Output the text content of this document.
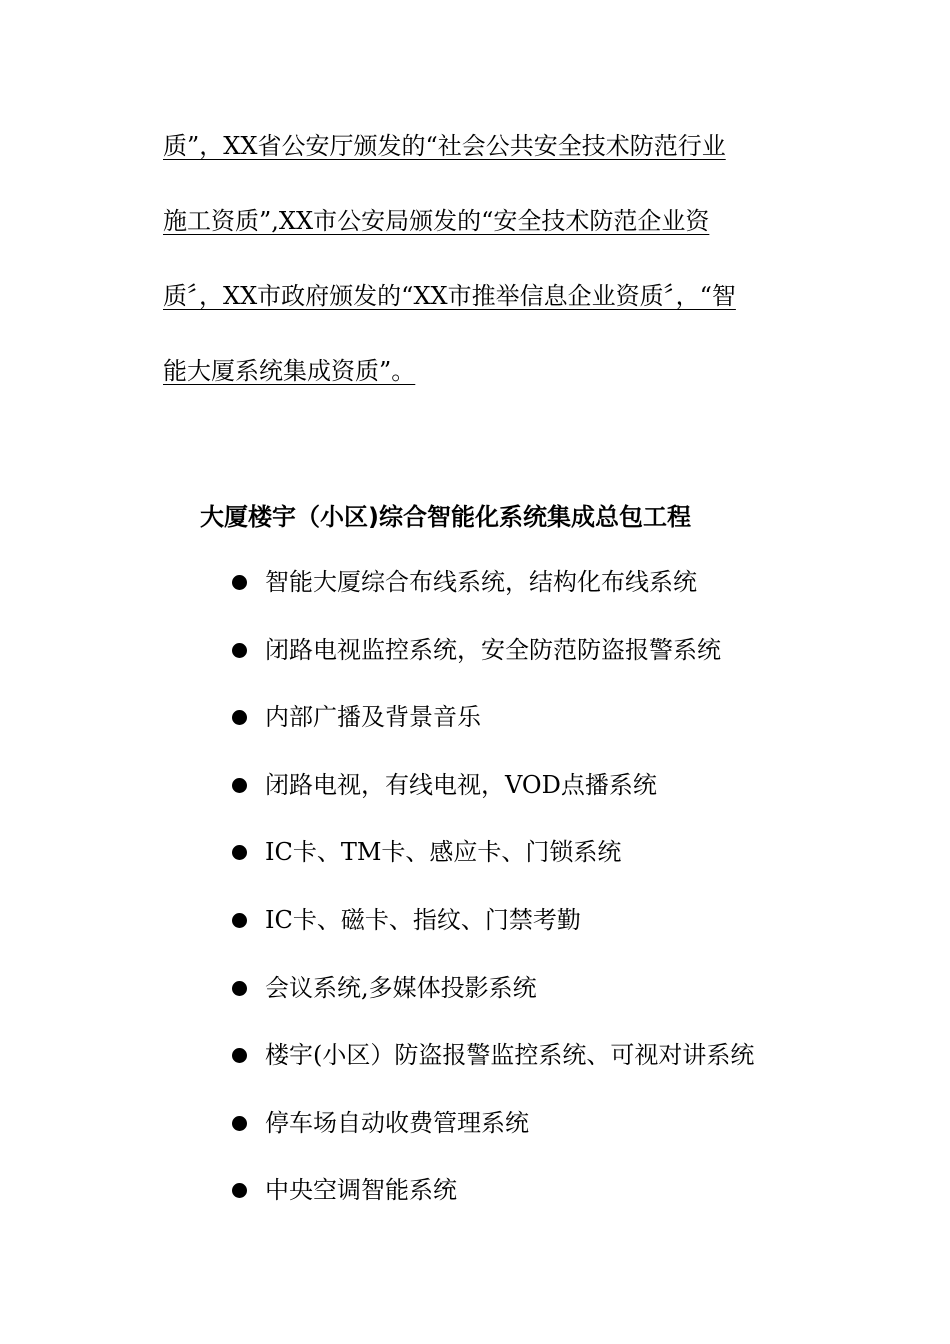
质”，XX省公安厅颁发的“社会公共安全技术防范行业
施工资质”,XX市公安局颁发的“安全技术防范企业资
质〞，XX市政府颁发的“XX市推举信息企业资质〞，“智
能大厦系统集成资质”。
大厦楼宇（小区)综合智能化系统集成总包工程
智能大厦综合布线系统，结构化布线系统
闭路电视监控系统，安全防范防盗报警系统
内部广播及背景音乐
闭路电视，有线电视，VOD点播系统
IC卡、TM卡、感应卡、门锁系统
IC卡、磁卡、指纹、门禁考勤
会议系统,多媒体投影系统
楼宇(小区）防盗报警监控系统、可视对讲系统
停车场自动收费管理系统
中央空调智能系统
